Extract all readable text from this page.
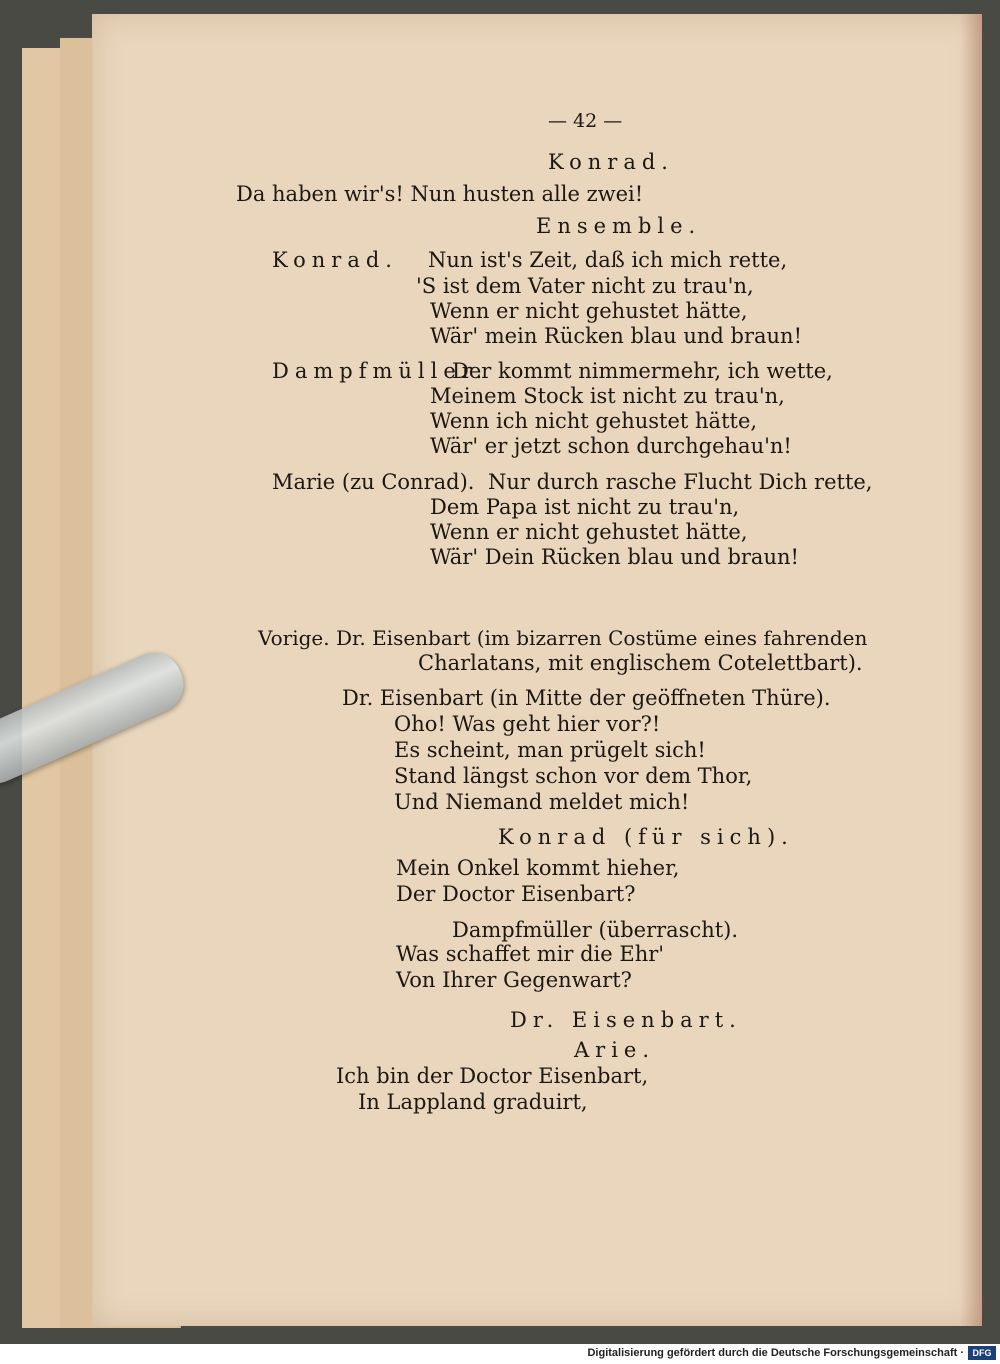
— 42 —
Konrad.
Da haben wir's! Nun husten alle zwei!
Ensemble.
Konrad. Nun ist's Zeit, daß ich mich rette,
'S ist dem Vater nicht zu trau'n,
Wenn er nicht gehustet hätte,
Wär' mein Rücken blau und braun!
Dampfmüller.
Der kommt nimmermehr, ich wette,
Meinem Stock ist nicht zu trau'n,
Wenn ich nicht gehustet hätte,
Wär' er jetzt schon durchgehau'n!
Marie (zu Conrad). Nur durch rasche Flucht Dich rette,
Dem Papa ist nicht zu trau'n,
Wenn er nicht gehustet hätte,
Wär' Dein Rücken blau und braun!
Vorige. Dr. Eisenbart (im bizarren Costüme eines fahrenden
Charlatans, mit englischem Cotelettbart).
Dr. Eisenbart (in Mitte der geöffneten Thüre).
Oho! Was geht hier vor?!
Es scheint, man prügelt sich!
Stand längst schon vor dem Thor,
Und Niemand meldet mich!
Konrad (für sich).
Mein Onkel kommt hieher,
Der Doctor Eisenbart?
Dampfmüller (überrascht).
Was schaffet mir die Ehr'
Von Ihrer Gegenwart?
Dr. Eisenbart.
Arie.
Ich bin der Doctor Eisenbart,
In Lappland graduirt,
Digitalisierung gefördert durch die Deutsche Forschungsgemeinschaft · DFG
